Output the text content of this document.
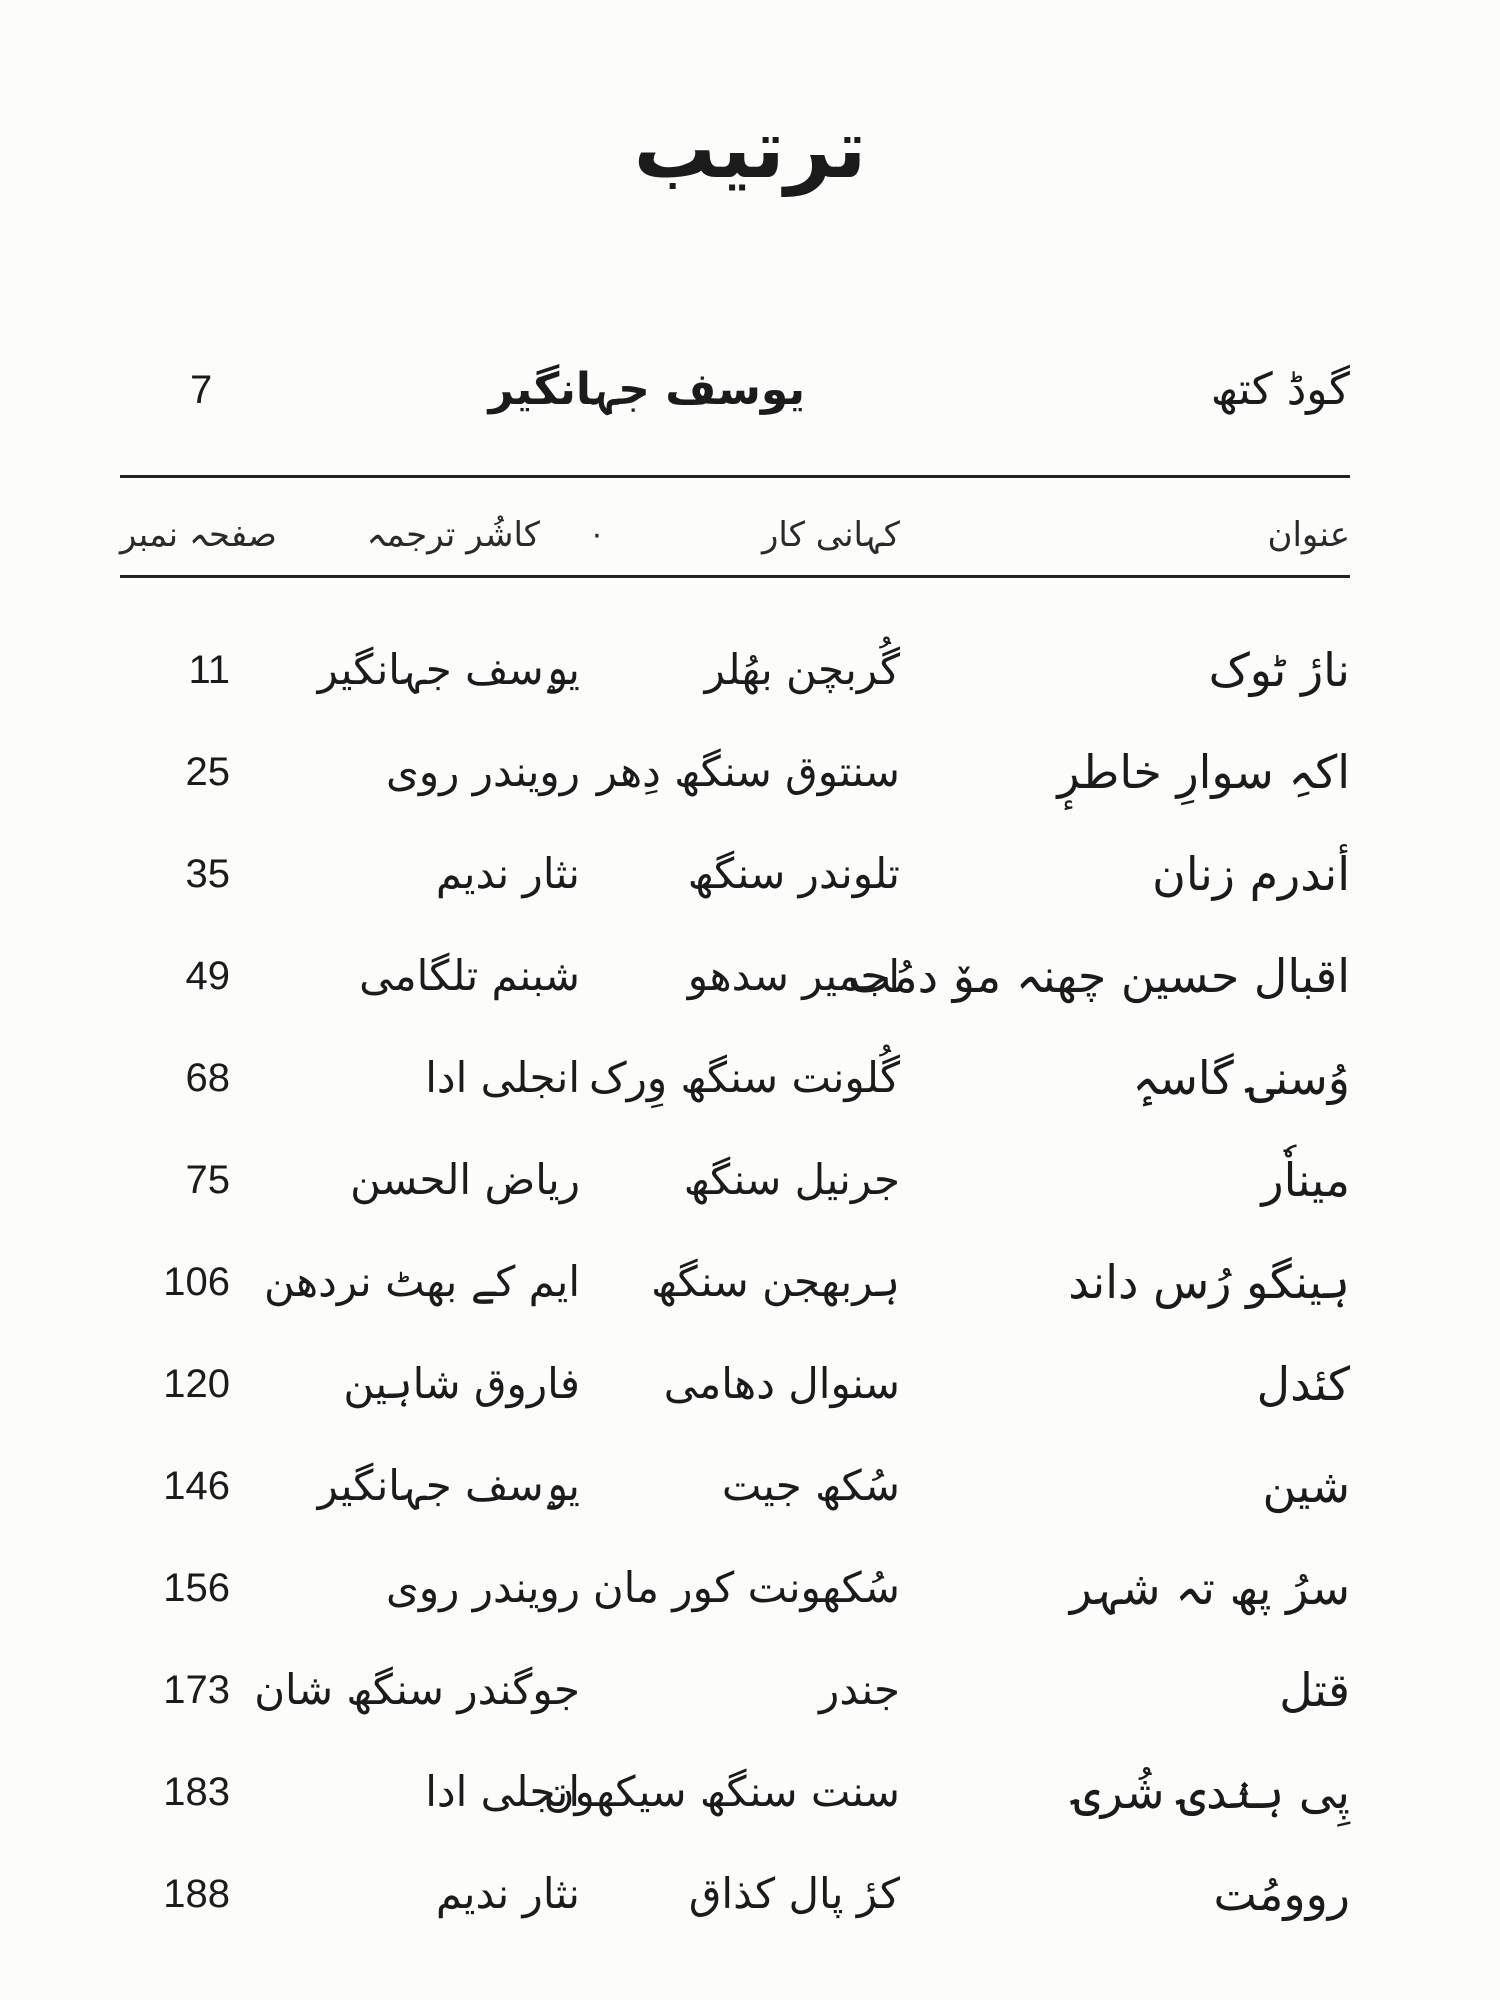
ترتیب
گوڈ کتھ
یوسف جہانگیر
7
عنوان
کہانی کار
٠
کاشُر ترجمہ
صفحہ نمبر
نارٔ ٹوک
گُربچن بھُلر
یۄسف جہانگیر
11
اکہِ سوارِ خاطرٕ
سنتوق سنگھ دِھر
رویندر روی
25
أندرم زنان
تلوندر سنگھ
نثار ندیم
35
اقبال حسین چھنہ مۆ دمُت
اجمیر سدھو
شبنم تلگامی
49
وُسنۍ گاسہٕ
گُلونت سنگھ وِرک
انجلی ادا
68
میناٗر
جرنیل سنگھ
ریاض الحسن
75
ہینگو رُس داند
ہربھجن سنگھ
ایم کے بھٹ نردھن
106
کئدل
سنوال دھامی
فاروق شاہین
120
شین
سُکھ جیت
یۄسف جہانگیر
146
سرُ پھ تہ شہر
سُکھونت کور مان
رویندر روی
156
قتل
جندر
جوگندر سنگھ شان
173
پِی ہنٛدۍ شُرۍ
سنت سنگھ سیکھون
انجلی ادا
183
روومُت
کرٔ پال کذاق
نثار ندیم
188
